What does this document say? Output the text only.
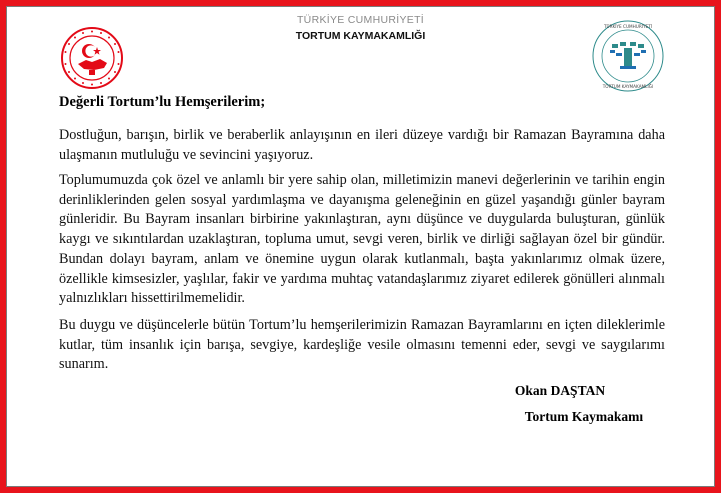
TÜRKİYE CUMHURİYETİ
TORTUM KAYMAKAMLIĞI
TÜRKİYE CUMHURİYETİ
TORTUM KAYMAKAMLIĞI
Değerli Tortum’lu Hemşerilerim;

Dostluğun, barışın, birlik ve beraberlik anlayışının en ileri düzeye vardığı bir Ramazan Bayramına daha ulaşmanın mutluluğu ve sevincini yaşıyoruz.

Toplumumuzda çok özel ve anlamlı bir yere sahip olan, milletimizin manevi değerlerinin ve tarihin engin derinliklerinden gelen sosyal yardımlaşma ve dayanışma geleneğinin en güzel yaşandığı günler bayram günleridir. Bu Bayram insanları birbirine yakınlaştıran, aynı düşünce ve duygularda buluşturan, günlük kaygı ve sıkıntılardan uzaklaştıran, topluma umut, sevgi veren, birlik ve dirliği sağlayan özel bir gündür. Bundan dolayı bayram, anlam ve önemine uygun olarak kutlanmalı, başta yakınlarımız olmak üzere, özellikle kimsesizler, yaşlılar, fakir ve yardıma muhtaç vatandaşlarımız ziyaret edilerek gönülleri alınmalı yalnızlıkları hissettirilmemelidir.

Bu duygu ve düşüncelerle bütün Tortum’lu hemşerilerimizin Ramazan Bayramlarını en içten dileklerimle kutlar, tüm insanlık için barışa, sevgiye, kardeşliğe vesile olmasını temenni eder, sevgi ve saygılarımı sunarım.

Okan DAŞTAN
Tortum Kaymakamı
